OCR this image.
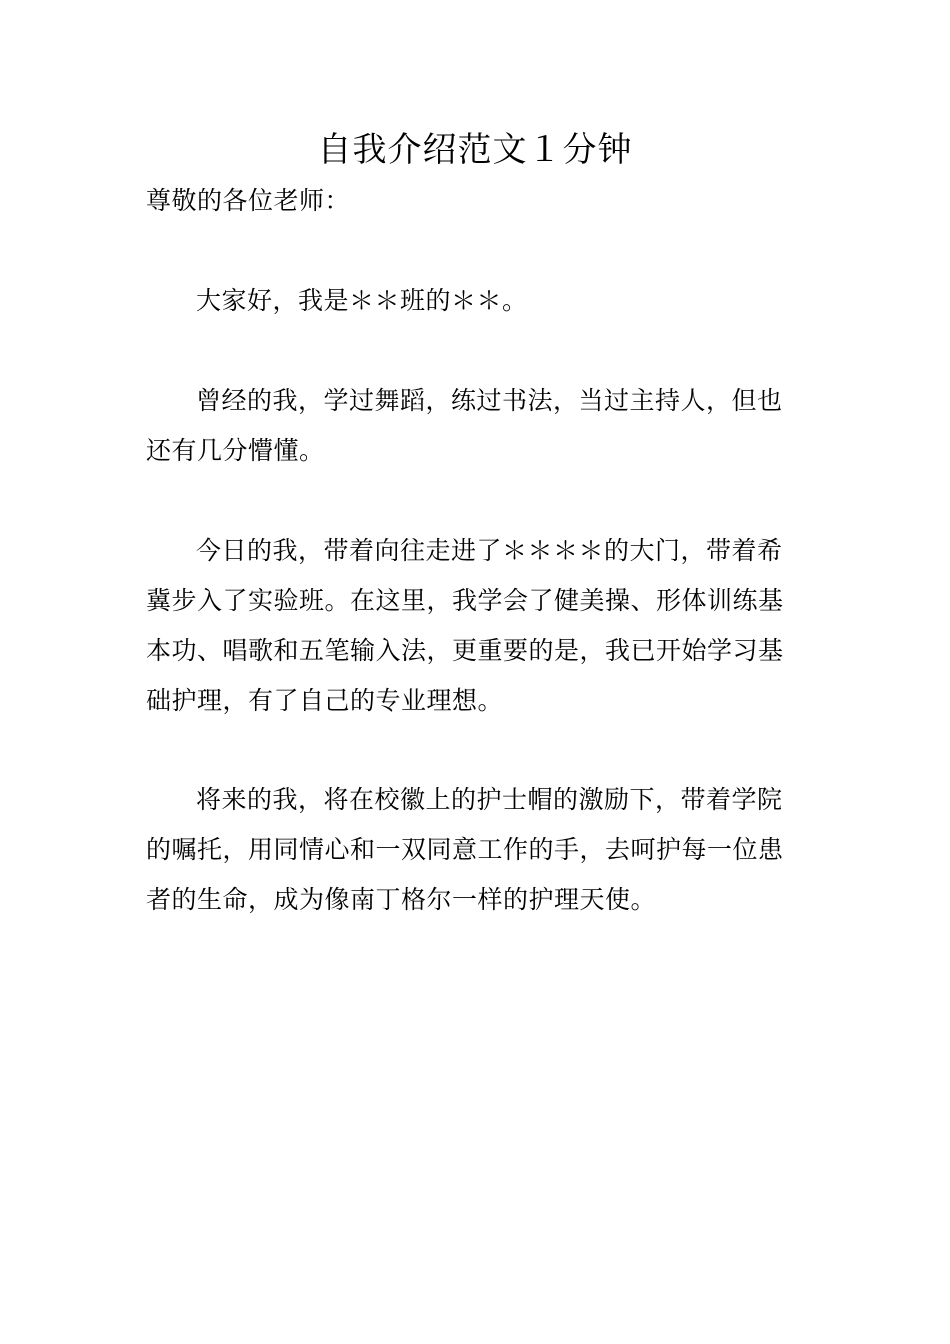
自我介绍范文１分钟

尊敬的各位老师：

大家好，我是＊＊班的＊＊。

曾经的我，学过舞蹈，练过书法，当过主持人，但也还有几分懵懂。

今日的我，带着向往走进了＊＊＊＊的大门，带着希冀步入了实验班。在这里，我学会了健美操、形体训练基本功、唱歌和五笔输入法，更重要的是，我已开始学习基础护理，有了自己的专业理想。

将来的我，将在校徽上的护士帽的激励下，带着学院的嘱托，用同情心和一双同意工作的手，去呵护每一位患者的生命，成为像南丁格尔一样的护理天使。
